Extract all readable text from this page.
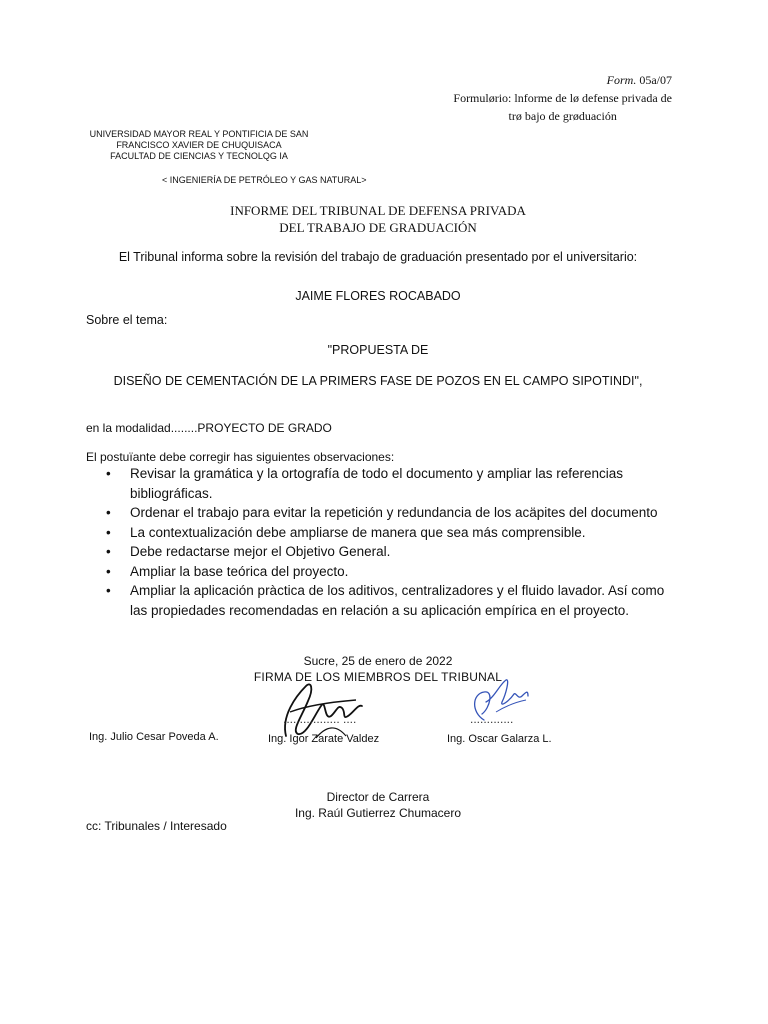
Form. 05a/07
Formulørio: lnforme de lø defense privada de
trø bajo de grøduación
UNIVERSIDAD MAYOR REAL Y PONTIFICIA DE SAN
FRANCISCO XAVIER DE CHUQUISACA
FACULTAD DE CIENCIAS Y TECNOLQG IA
< INGENIERÍA DE PETRÓLEO Y GAS NATURAL>
INFORME DEL TRIBUNAL DE DEFENSA PRIVADA
DEL TRABAJO DE GRADUACIÓN
El Tribunal informa sobre la revisión del trabajo de graduación presentado por el universitario:
JAIME FLORES ROCABADO
Sobre el tema:
"PROPUESTA DE
DISEÑO DE CEMENTACIÓN DE LA PRIMERS FASE DE POZOS EN EL CAMPO SIPOTINDI",
en la modalidad........PROYECTO DE GRADO
El postuïante debe corregir has siguientes observaciones:
• Revisar la gramática y la ortografía de todo el documento y ampliar las referencias bibliográficas.
• Ordenar el trabajo para evitar la repetición y redundancia de los acäpites del documento
• La contextualización debe ampliarse de manera que sea más comprensible.
• Debe redactarse mejor el Objetivo General.
• Ampliar la base teórica del proyecto.
• Ampliar la aplicación pràctica de los aditivos, centralizadores y el fluido lavador. Así como las propiedades recomendadas en relación a su aplicación empírica en el proyecto.
Sucre, 25 de enero de 2022
FIRMA DE LOS MIEMBROS DEL TRIBUNAL
................. ....	.............
Ing. Julio Cesar Poveda A.	Ing. Igor Zarate Valdez	Ing. Oscar Galarza L.
Director de Carrera
Ing. Raúl Gutierrez Chumacero
cc: Tribunales / Interesado
